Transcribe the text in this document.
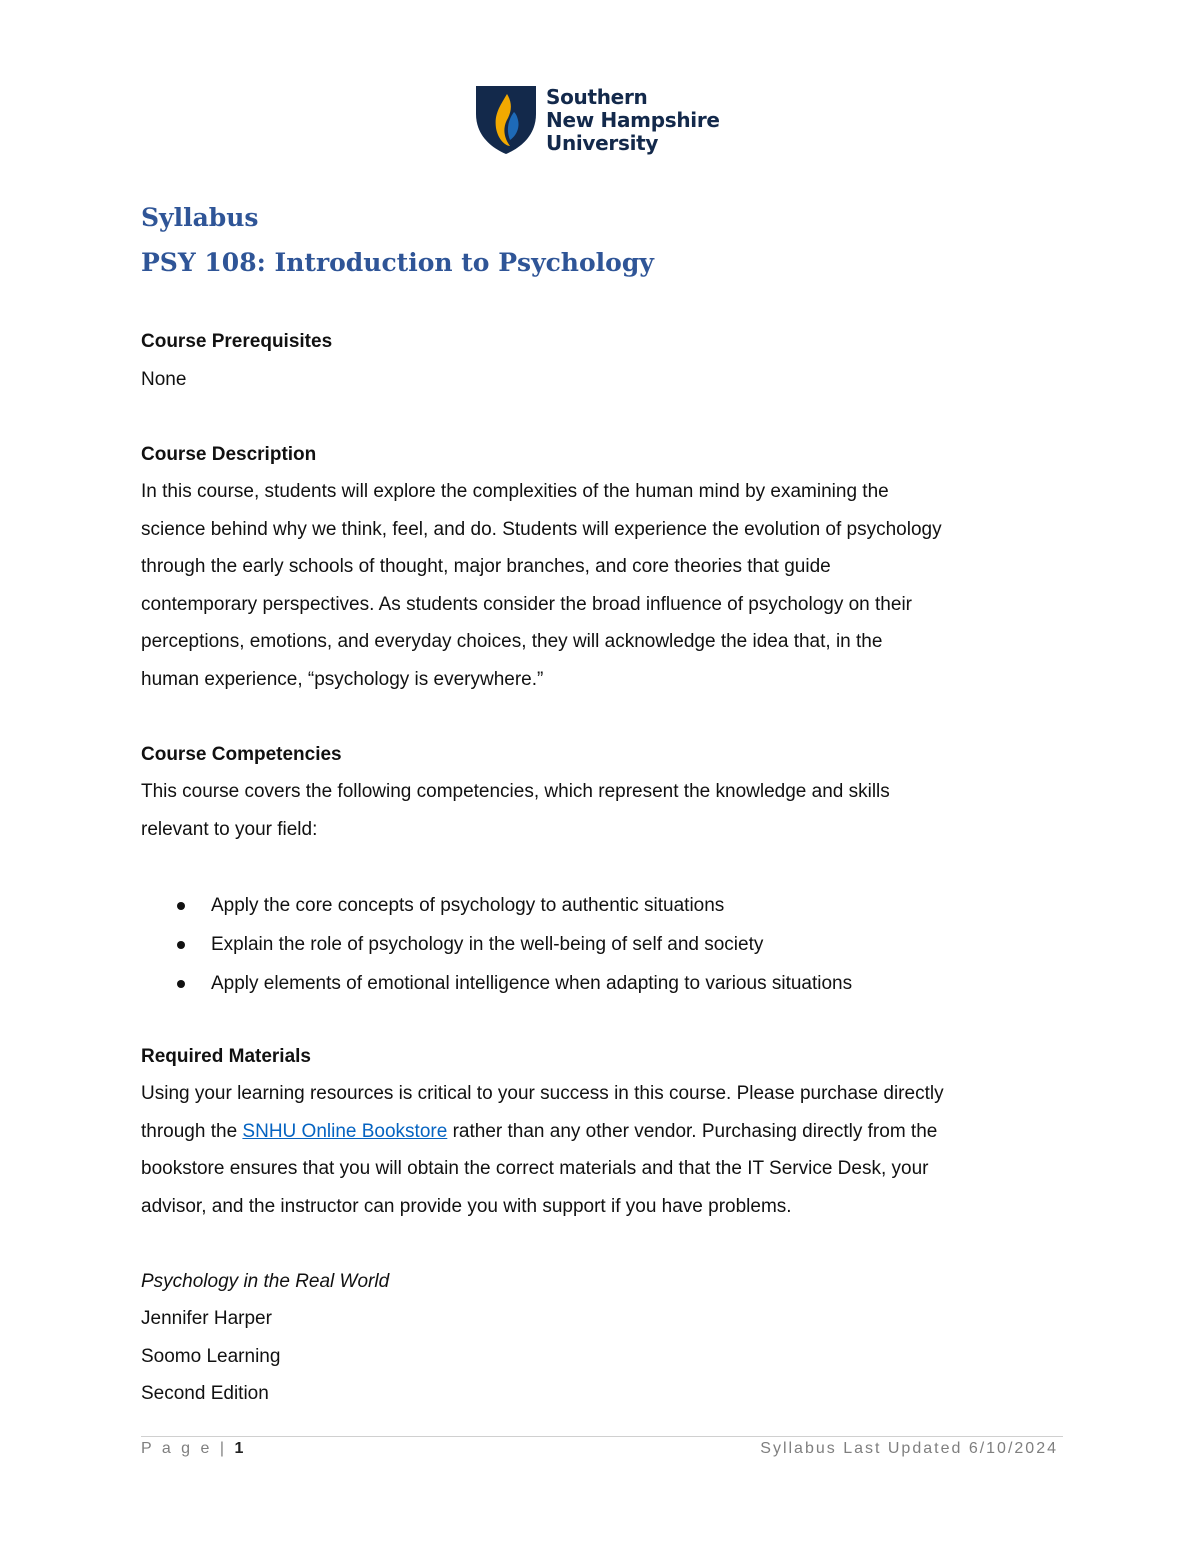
Southern
New Hampshire
University

Syllabus

PSY 108: Introduction to Psychology

Course Prerequisites

None

Course Description

In this course, students will explore the complexities of the human mind by examining the

science behind why we think, feel, and do. Students will experience the evolution of psychology

through the early schools of thought, major branches, and core theories that guide

contemporary perspectives. As students consider the broad influence of psychology on their

perceptions, emotions, and everyday choices, they will acknowledge the idea that, in the

human experience, “psychology is everywhere.”

Course Competencies

This course covers the following competencies, which represent the knowledge and skills

relevant to your field:

Apply the core concepts of psychology to authentic situations
Explain the role of psychology in the well-being of self and society
Apply elements of emotional intelligence when adapting to various situations

Required Materials

Using your learning resources is critical to your success in this course. Please purchase directly

through the SNHU Online Bookstore rather than any other vendor. Purchasing directly from the

bookstore ensures that you will obtain the correct materials and that the IT Service Desk, your

advisor, and the instructor can provide you with support if you have problems.

Psychology in the Real World

Jennifer Harper

Soomo Learning

Second Edition

P a g e | 1	Syllabus Last Updated 6/10/2024
